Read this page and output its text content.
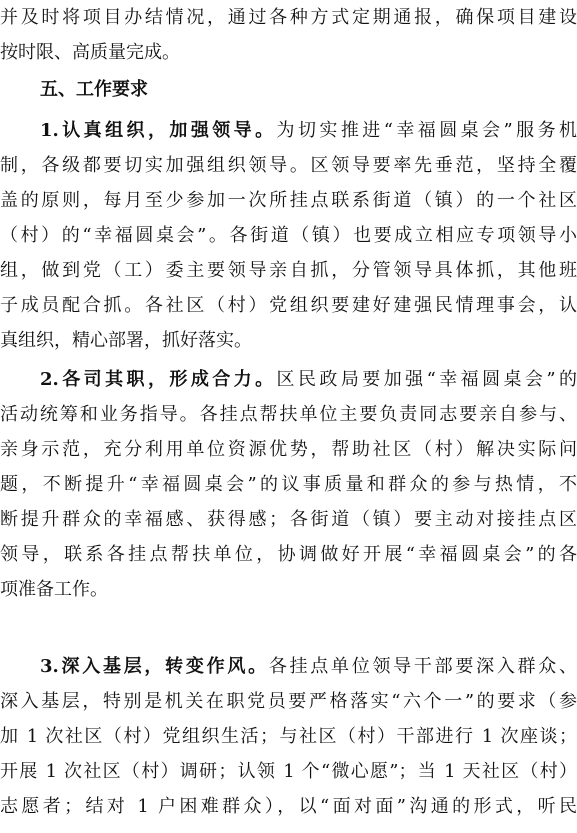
并及时将项目办结情况，通过各种方式定期通报，确保项目建设
按时限、高质量完成。
五、工作要求
1.认真组织，加强领导。为切实推进“幸福圆桌会”服务机
制，各级都要切实加强组织领导。区领导要率先垂范，坚持全覆
盖的原则，每月至少参加一次所挂点联系街道（镇）的一个社区
（村）的“幸福圆桌会”。各街道（镇）也要成立相应专项领导小
组，做到党（工）委主要领导亲自抓，分管领导具体抓，其他班
子成员配合抓。各社区（村）党组织要建好建强民情理事会，认
真组织，精心部署，抓好落实。
2.各司其职，形成合力。区民政局要加强“幸福圆桌会”的
活动统筹和业务指导。各挂点帮扶单位主要负责同志要亲自参与、
亲身示范，充分利用单位资源优势，帮助社区（村）解决实际问
题，不断提升“幸福圆桌会”的议事质量和群众的参与热情，不
断提升群众的幸福感、获得感；各街道（镇）要主动对接挂点区
领导，联系各挂点帮扶单位，协调做好开展“幸福圆桌会”的各
项准备工作。
3.深入基层，转变作风。各挂点单位领导干部要深入群众、
深入基层，特别是机关在职党员要严格落实“六个一”的要求（参
加 1 次社区（村）党组织生活；与社区（村）干部进行 1 次座谈；
开展 1 次社区（村）调研；认领 1 个“微心愿”；当 1 天社区（村）
志愿者；结对 1 户困难群众），以“面对面”沟通的形式，听民
